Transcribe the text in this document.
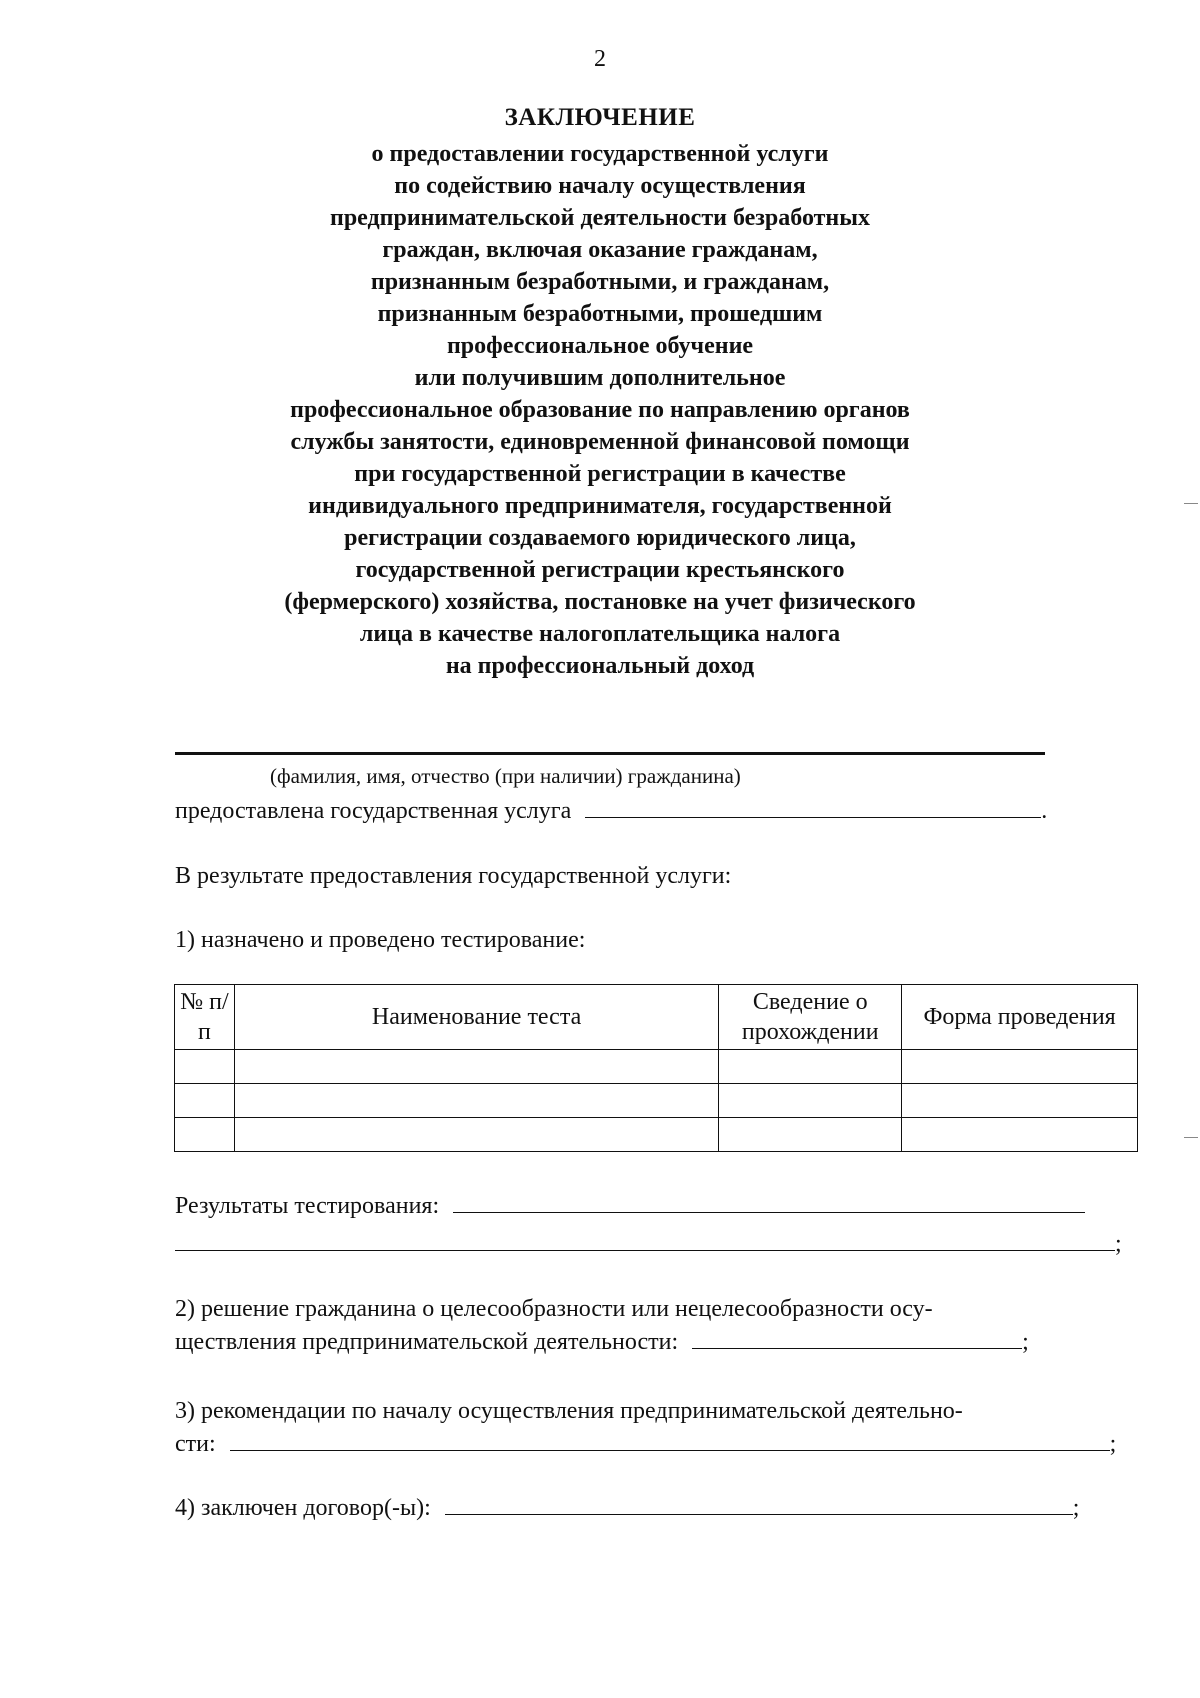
2
ЗАКЛЮЧЕНИЕ
о предоставлении государственной услуги
по содействию началу осуществления
предпринимательской деятельности безработных
граждан, включая оказание гражданам,
признанным безработными, и гражданам,
признанным безработными, прошедшим
профессиональное обучение
или получившим дополнительное
профессиональное образование по направлению органов
службы занятости, единовременной финансовой помощи
при государственной регистрации в качестве
индивидуального предпринимателя, государственной
регистрации создаваемого юридического лица,
государственной регистрации крестьянского
(фермерского) хозяйства, постановке на учет физического
лица в качестве налогоплательщика налога
на профессиональный доход
(фамилия, имя, отчество (при наличии) гражданина)
предоставлена государственная услуга	.
В результате предоставления государственной услуги:
1) назначено и проведено тестирование:
№ п/п	Наименование теста	Сведение о прохождении	Форма проведения

Результаты тестирования:
;
2) решение гражданина о целесообразности или нецелесообразности осу-
ществления предпринимательской деятельности:	;
3) рекомендации по началу осуществления предпринимательской деятельно-
сти:	;
4) заключен договор(-ы):	;
